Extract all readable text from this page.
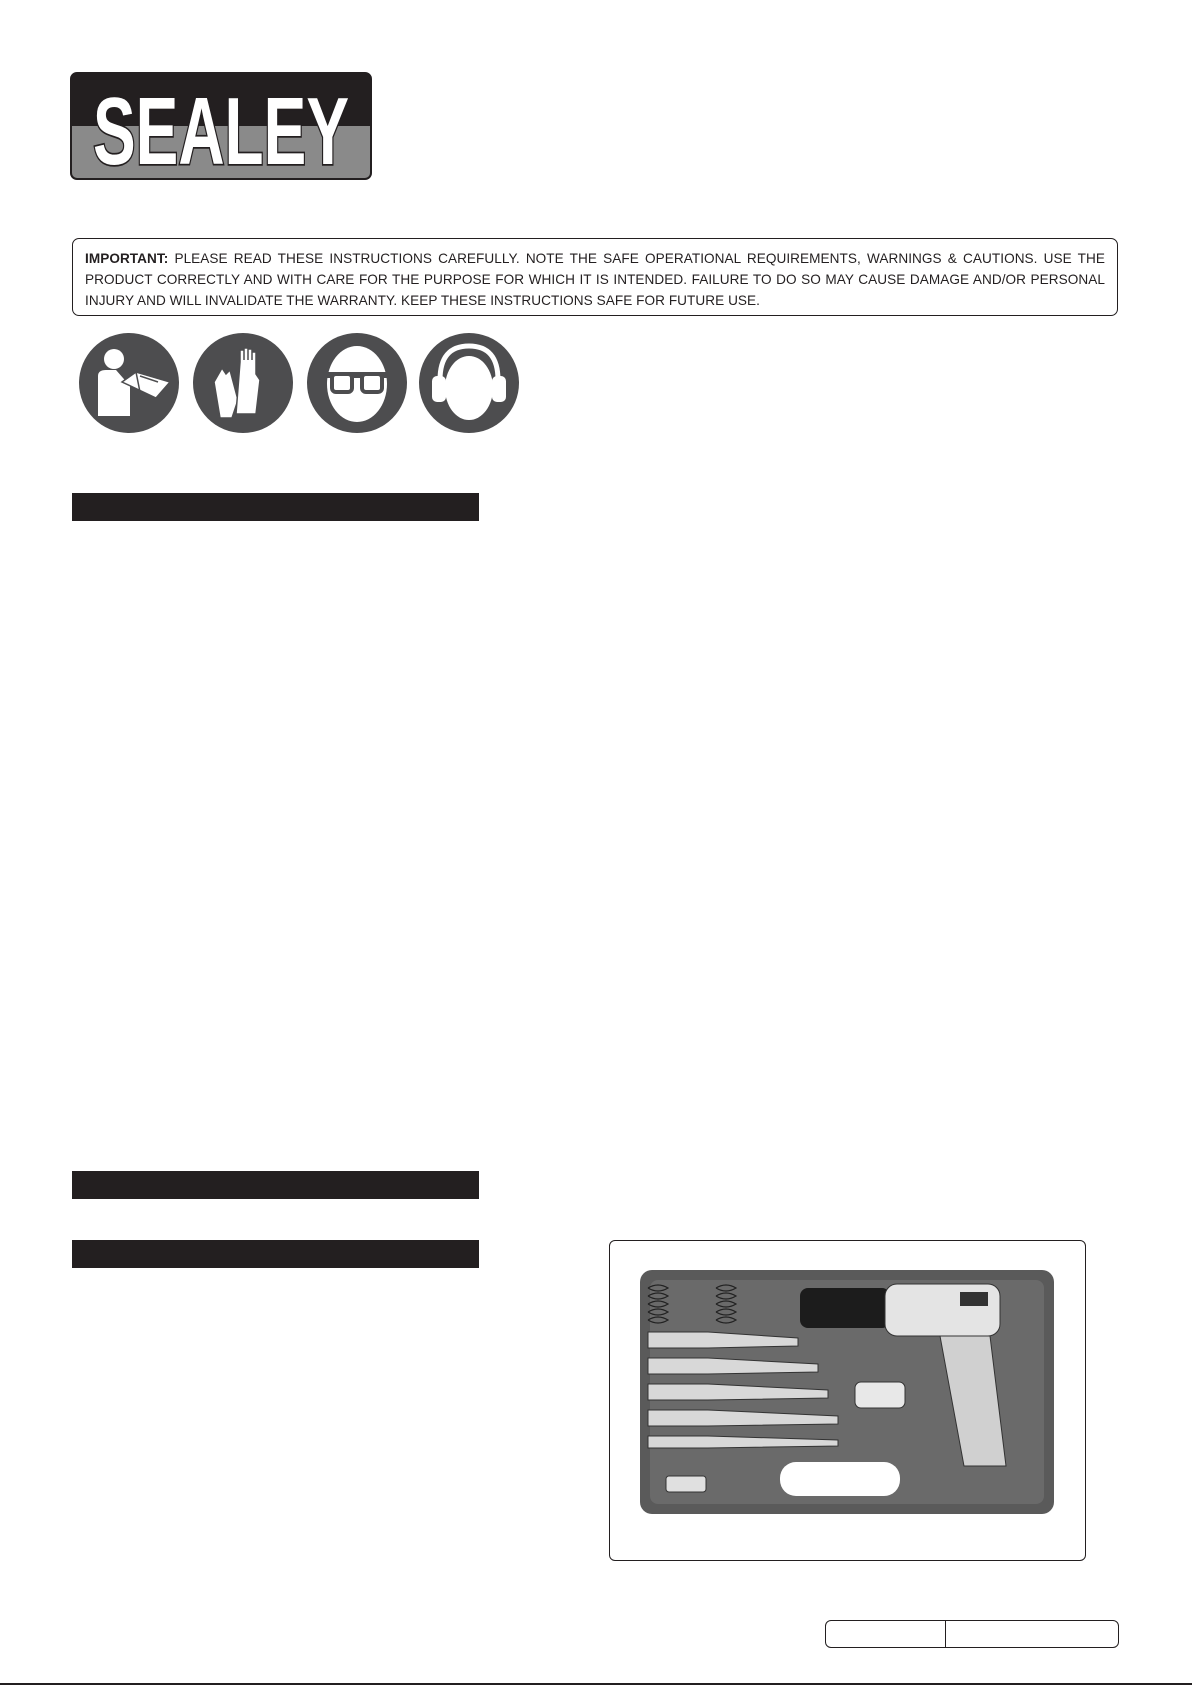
SEALEY
IMPORTANT: PLEASE READ THESE INSTRUCTIONS CAREFULLY. NOTE THE SAFE OPERATIONAL REQUIREMENTS, WARNINGS & CAUTIONS. USE THE PRODUCT CORRECTLY AND WITH CARE FOR THE PURPOSE FOR WHICH IT IS INTENDED. FAILURE TO DO SO MAY CAUSE DAMAGE AND/OR PERSONAL INJURY AND WILL INVALIDATE THE WARRANTY. KEEP THESE INSTRUCTIONS SAFE FOR FUTURE USE.
